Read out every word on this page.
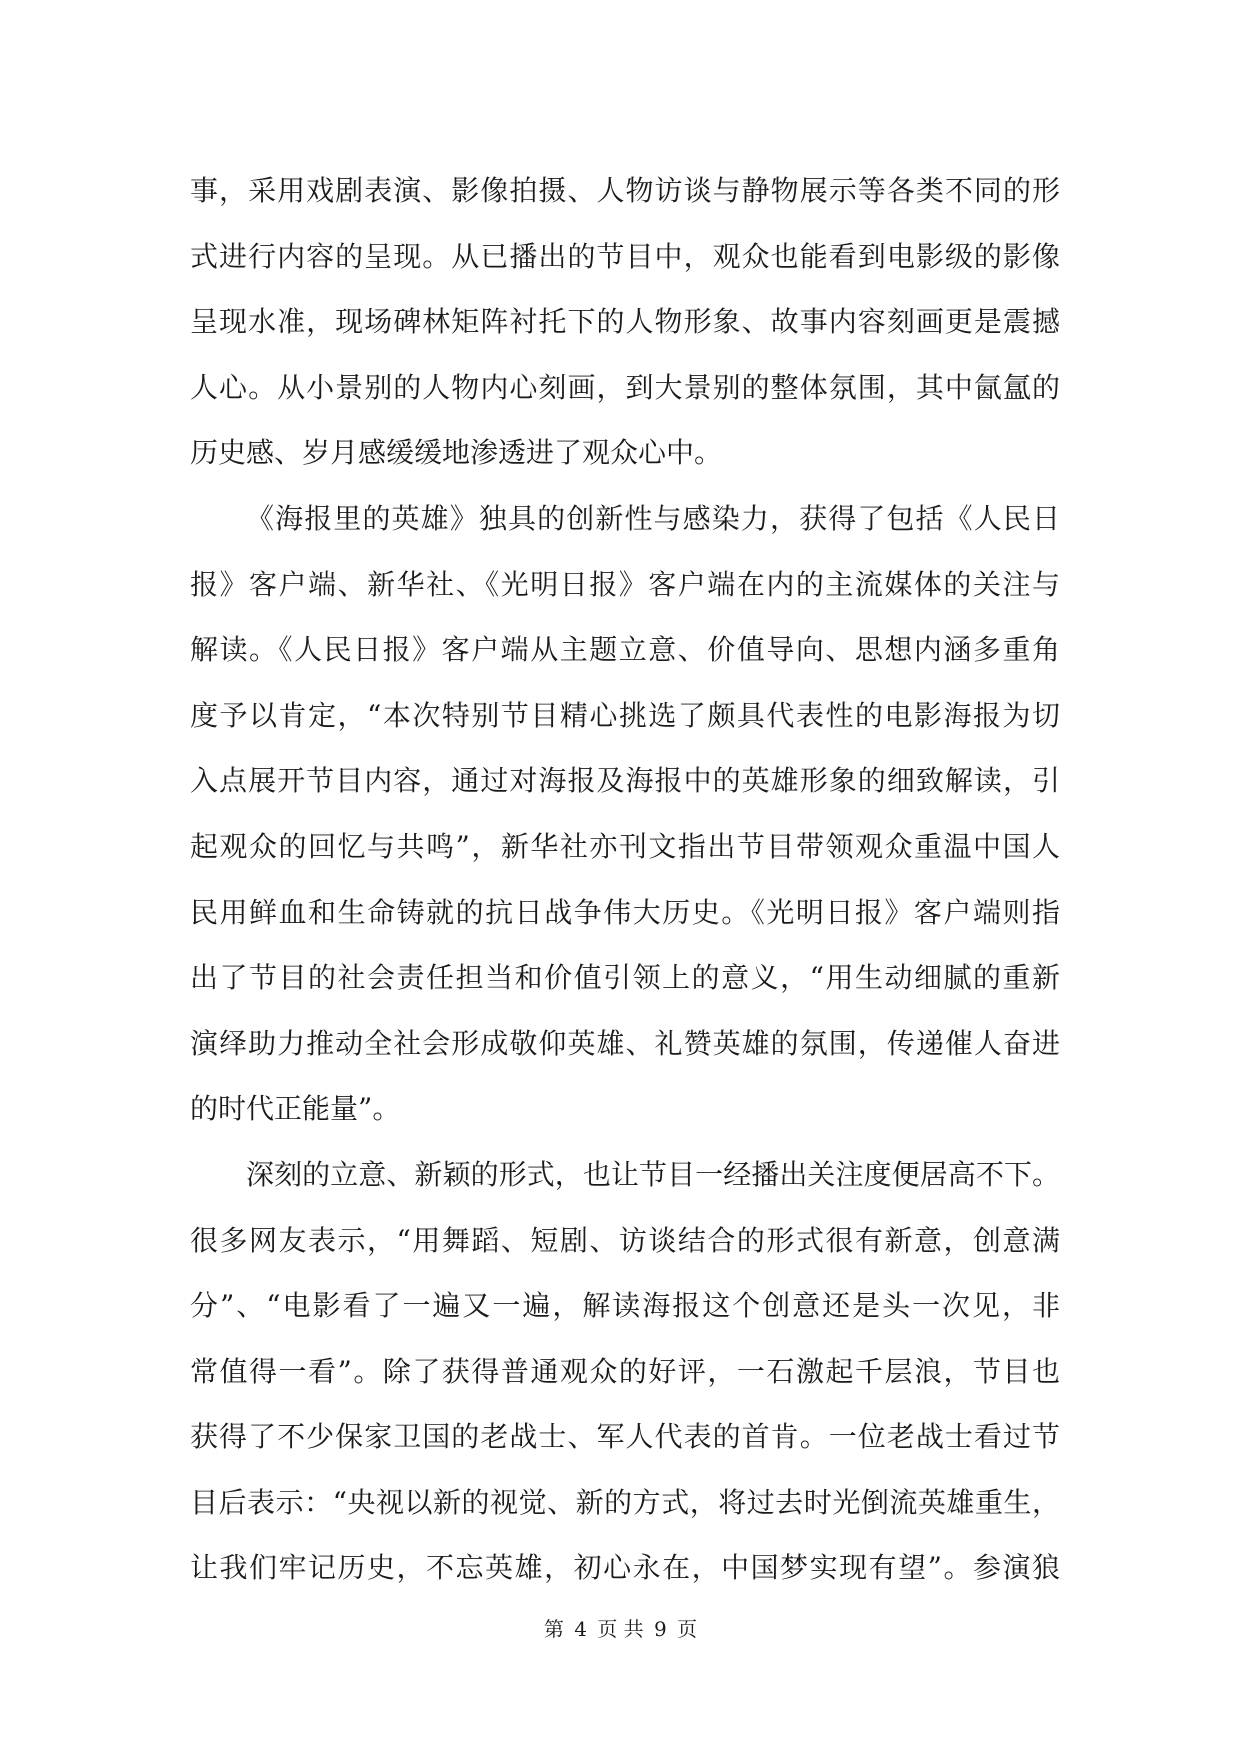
事，采用戏剧表演、影像拍摄、人物访谈与静物展示等各类不同的形
式进行内容的呈现。从已播出的节目中，观众也能看到电影级的影像
呈现水准，现场碑林矩阵衬托下的人物形象、故事内容刻画更是震撼
人心。从小景别的人物内心刻画，到大景别的整体氛围，其中氤氲的
历史感、岁月感缓缓地渗透进了观众心中。
《海报里的英雄》独具的创新性与感染力，获得了包括《人民日
报》客户端、新华社、《光明日报》客户端在内的主流媒体的关注与
解读。《人民日报》客户端从主题立意、价值导向、思想内涵多重角
度予以肯定，“本次特别节目精心挑选了颇具代表性的电影海报为切
入点展开节目内容，通过对海报及海报中的英雄形象的细致解读，引
起观众的回忆与共鸣”，新华社亦刊文指出节目带领观众重温中国人
民用鲜血和生命铸就的抗日战争伟大历史。《光明日报》客户端则指
出了节目的社会责任担当和价值引领上的意义，“用生动细腻的重新
演绎助力推动全社会形成敬仰英雄、礼赞英雄的氛围，传递催人奋进
的时代正能量”。
深刻的立意、新颖的形式，也让节目一经播出关注度便居高不下。
很多网友表示，“用舞蹈、短剧、访谈结合的形式很有新意，创意满
分”、“电影看了一遍又一遍，解读海报这个创意还是头一次见，非
常值得一看”。除了获得普通观众的好评，一石激起千层浪，节目也
获得了不少保家卫国的老战士、军人代表的首肯。一位老战士看过节
目后表示：“央视以新的视觉、新的方式，将过去时光倒流英雄重生，
让我们牢记历史，不忘英雄，初心永在，中国梦实现有望”。参演狼
第 4 页 共 9 页
